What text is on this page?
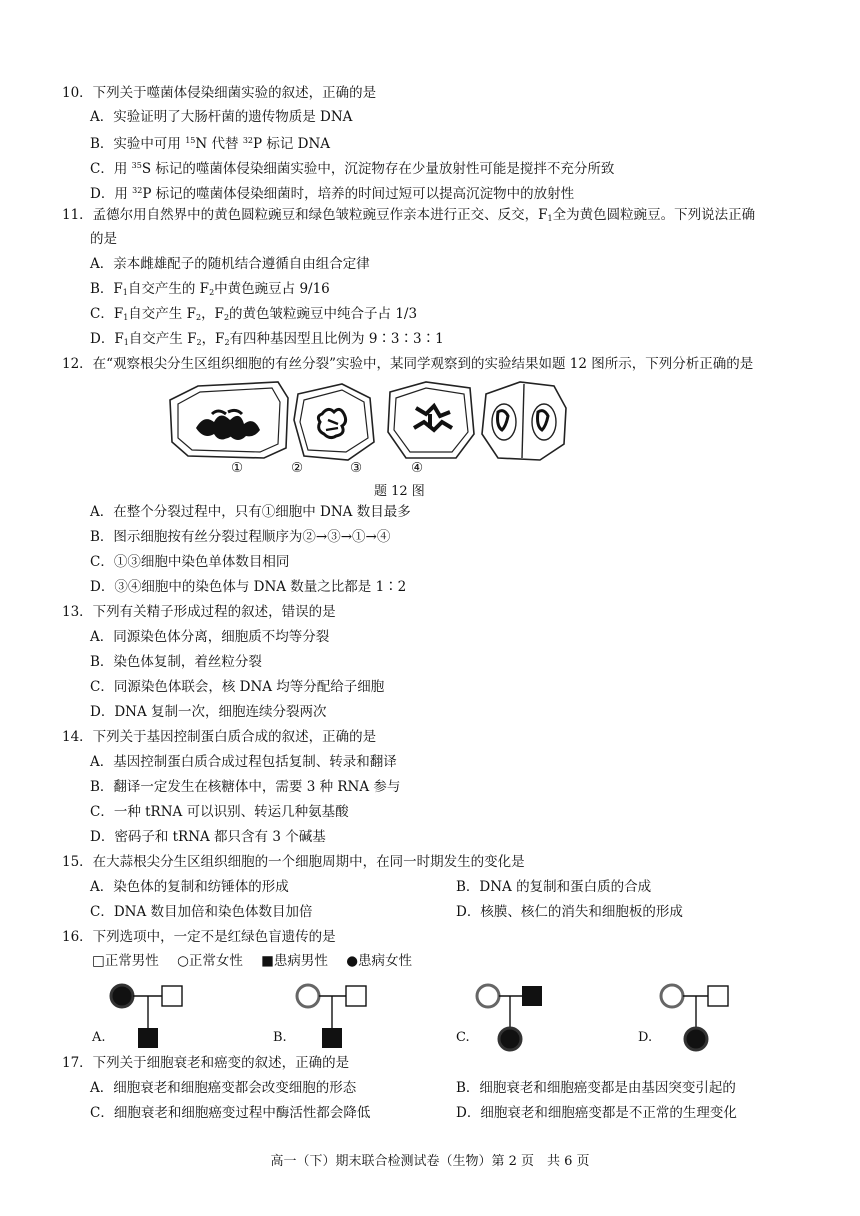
10．下列关于噬菌体侵染细菌实验的叙述，正确的是
A．实验证明了大肠杆菌的遗传物质是 DNA
B．实验中可用 $^{15}$N 代替 $^{32}$P 标记 DNA
C．用 $^{35}$S 标记的噬菌体侵染细菌实验中，沉淀物存在少量放射性可能是搅拌不充分所致
D．用 $^{32}$P 标记的噬菌体侵染细菌时，培养的时间过短可以提高沉淀物中的放射性
11．孟德尔用自然界中的黄色圆粒豌豆和绿色皱粒豌豆作亲本进行正交、反交，$F_1$全为黄色圆粒豌豆。下列说法正确
的是
A．亲本雌雄配子的随机结合遵循自由组合定律
B．$F_1$自交产生的 $F_2$中黄色豌豆占 9/16
C．$F_1$自交产生 $F_2$，$F_2$的黄色皱粒豌豆中纯合子占 1/3
D．$F_1$自交产生 $F_2$，$F_2$有四种基因型且比例为 9∶3∶3∶1
12．在“观察根尖分生区组织细胞的有丝分裂”实验中，某同学观察到的实验结果如题 12 图所示，下列分析正确的是
①	②	③	④
题 12 图
A．在整个分裂过程中，只有①细胞中 DNA 数目最多
B．图示细胞按有丝分裂过程顺序为②→③→①→④
C．①③细胞中染色单体数目相同
D．③④细胞中的染色体与 DNA 数量之比都是 1∶2
13．下列有关精子形成过程的叙述，错误的是
A．同源染色体分离，细胞质不均等分裂
B．染色体复制，着丝粒分裂
C．同源染色体联会，核 DNA 均等分配给子细胞
D．DNA 复制一次，细胞连续分裂两次
14．下列关于基因控制蛋白质合成的叙述，正确的是
A．基因控制蛋白质合成过程包括复制、转录和翻译
B．翻译一定发生在核糖体中，需要 3 种 RNA 参与
C．一种 tRNA 可以识别、转运几种氨基酸
D．密码子和 tRNA 都只含有 3 个碱基
15．在大蒜根尖分生区组织细胞的一个细胞周期中，在同一时期发生的变化是
A．染色体的复制和纺锤体的形成	B．DNA 的复制和蛋白质的合成
C．DNA 数目加倍和染色体数目加倍	D．核膜、核仁的消失和细胞板的形成
16．下列选项中，一定不是红绿色盲遗传的是
□正常男性 ○正常女性 ■患病男性 ●患病女性
A.	B.	C.	D.
17．下列关于细胞衰老和癌变的叙述，正确的是
A．细胞衰老和细胞癌变都会改变细胞的形态	B．细胞衰老和细胞癌变都是由基因突变引起的
C．细胞衰老和细胞癌变过程中酶活性都会降低	D．细胞衰老和细胞癌变都是不正常的生理变化
高一（下）期末联合检测试卷（生物）第 2 页　共 6 页
